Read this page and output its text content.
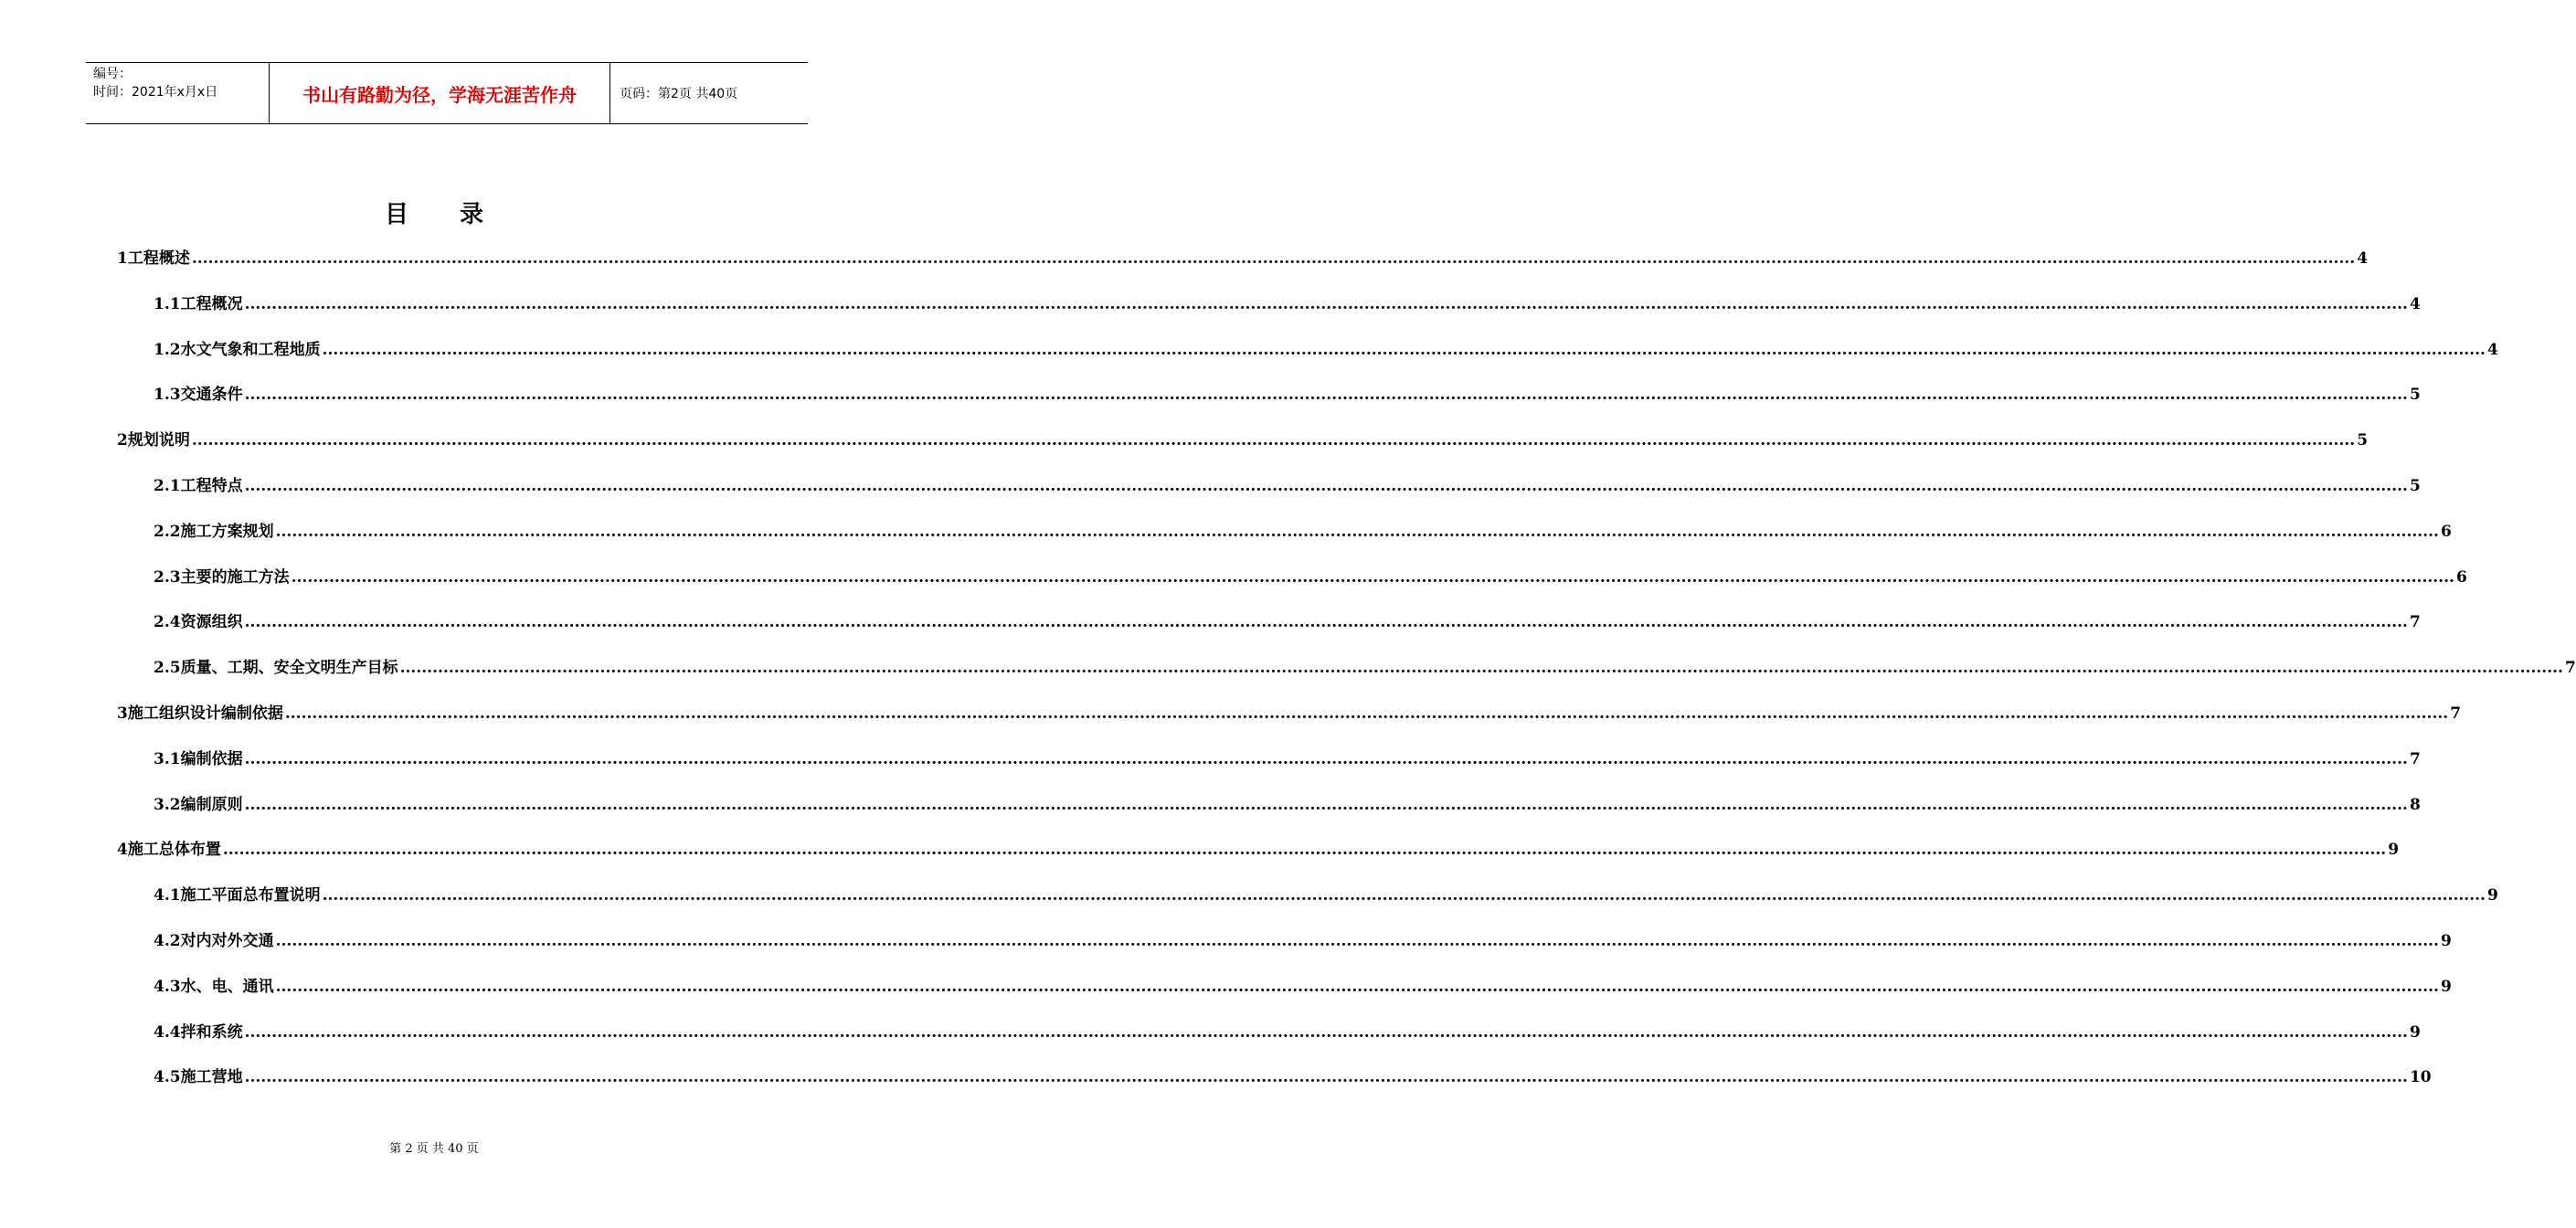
编号：
时间：2021年x月x日	书山有路勤为径，学海无涯苦作舟	页码：第2页 共40页
目录
1 工程概述 ................................................................................................................................................................................................................................................................................................................................................................................................................ 4
1.1 工程概况 ................................................................................................................................................................................................................................................................................................................................................................................................................ 4
1.2 水文气象和工程地质 ................................................................................................................................................................................................................................................................................................................................................................................................................ 4
1.3 交通条件 ................................................................................................................................................................................................................................................................................................................................................................................................................ 5
2 规划说明 ................................................................................................................................................................................................................................................................................................................................................................................................................ 5
2.1 工程特点 ................................................................................................................................................................................................................................................................................................................................................................................................................ 5
2.2 施工方案规划 ................................................................................................................................................................................................................................................................................................................................................................................................................ 6
2.3 主要的施工方法 ................................................................................................................................................................................................................................................................................................................................................................................................................ 6
2.4 资源组织 ................................................................................................................................................................................................................................................................................................................................................................................................................ 7
2.5 质量、工期、安全文明生产目标 ................................................................................................................................................................................................................................................................................................................................................................................................................ 7
3 施工组织设计编制依据 ................................................................................................................................................................................................................................................................................................................................................................................................................ 7
3.1 编制依据 ................................................................................................................................................................................................................................................................................................................................................................................................................ 7
3.2 编制原则 ................................................................................................................................................................................................................................................................................................................................................................................................................ 8
4 施工总体布置 ................................................................................................................................................................................................................................................................................................................................................................................................................ 9
4.1 施工平面总布置说明 ................................................................................................................................................................................................................................................................................................................................................................................................................ 9
4.2 对内对外交通 ................................................................................................................................................................................................................................................................................................................................................................................................................ 9
4.3 水、电、通讯 ................................................................................................................................................................................................................................................................................................................................................................................................................ 9
4.4 拌和系统 ................................................................................................................................................................................................................................................................................................................................................................................................................ 9
4.5 施工营地 ................................................................................................................................................................................................................................................................................................................................................................................................................ 10
第 2 页 共 40 页
